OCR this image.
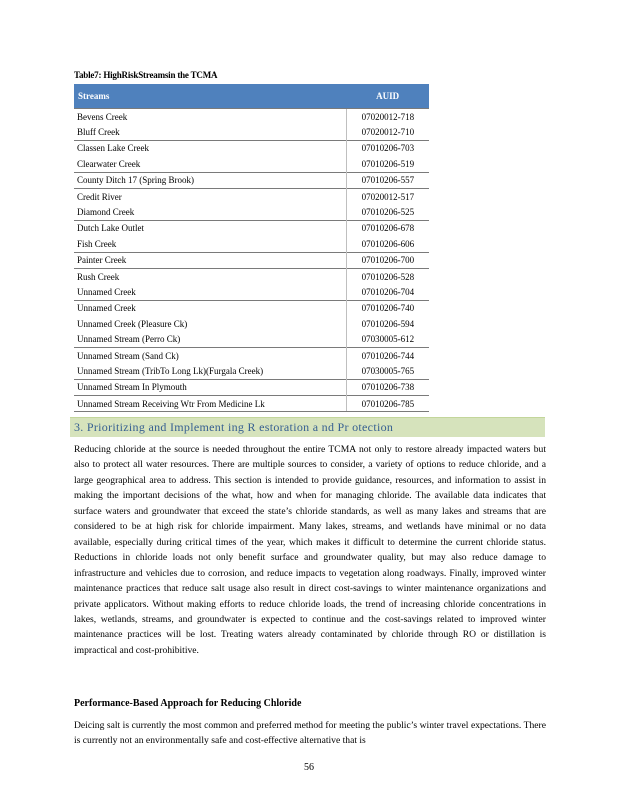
Table7: HighRiskStreamsin the TCMA
Streams	AUID
Bevens Creek	07020012-718
Bluff Creek	07020012-710
Classen Lake Creek	07010206-703
Clearwater Creek	07010206-519
County Ditch 17 (Spring Brook)	07010206-557
Credit River	07020012-517
Diamond Creek	07010206-525
Dutch Lake Outlet	07010206-678
Fish Creek	07010206-606
Painter Creek	07010206-700
Rush Creek	07010206-528
Unnamed Creek	07010206-704
Unnamed Creek	07010206-740
Unnamed Creek (Pleasure Ck)	07010206-594
Unnamed Stream (Perro Ck)	07030005-612
Unnamed Stream (Sand Ck)	07010206-744
Unnamed Stream (TribTo Long Lk)(Furgala Creek)	07030005-765
Unnamed Stream In Plymouth	07010206-738
Unnamed Stream Receiving Wtr From Medicine Lk	07010206-785
3. Prioritizing and Implement ing R estoration a nd Pr otection
Reducing chloride at the source is needed throughout the entire TCMA not only to restore already impacted waters but also to protect all water resources. There are multiple sources to consider, a variety of options to reduce chloride, and a large geographical area to address. This section is intended to provide guidance, resources, and information to assist in making the important decisions of the what, how and when for managing chloride. The available data indicates that surface waters and groundwater that exceed the state’s chloride standards, as well as many lakes and streams that are considered to be at high risk for chloride impairment. Many lakes, streams, and wetlands have minimal or no data available, especially during critical times of the year, which makes it difficult to determine the current chloride status. Reductions in chloride loads not only benefit surface and groundwater quality, but may also reduce damage to infrastructure and vehicles due to corrosion, and reduce impacts to vegetation along roadways. Finally, improved winter maintenance practices that reduce salt usage also result in direct cost-savings to winter maintenance organizations and private applicators. Without making efforts to reduce chloride loads, the trend of increasing chloride concentrations in lakes, wetlands, streams, and groundwater is expected to continue and the cost-savings related to improved winter maintenance practices will be lost. Treating waters already contaminated by chloride through RO or distillation is impractical and cost-prohibitive.
Performance-Based Approach for Reducing Chloride
Deicing salt is currently the most common and preferred method for meeting the public’s winter travel expectations. There is currently not an environmentally safe and cost-effective alternative that is
56
